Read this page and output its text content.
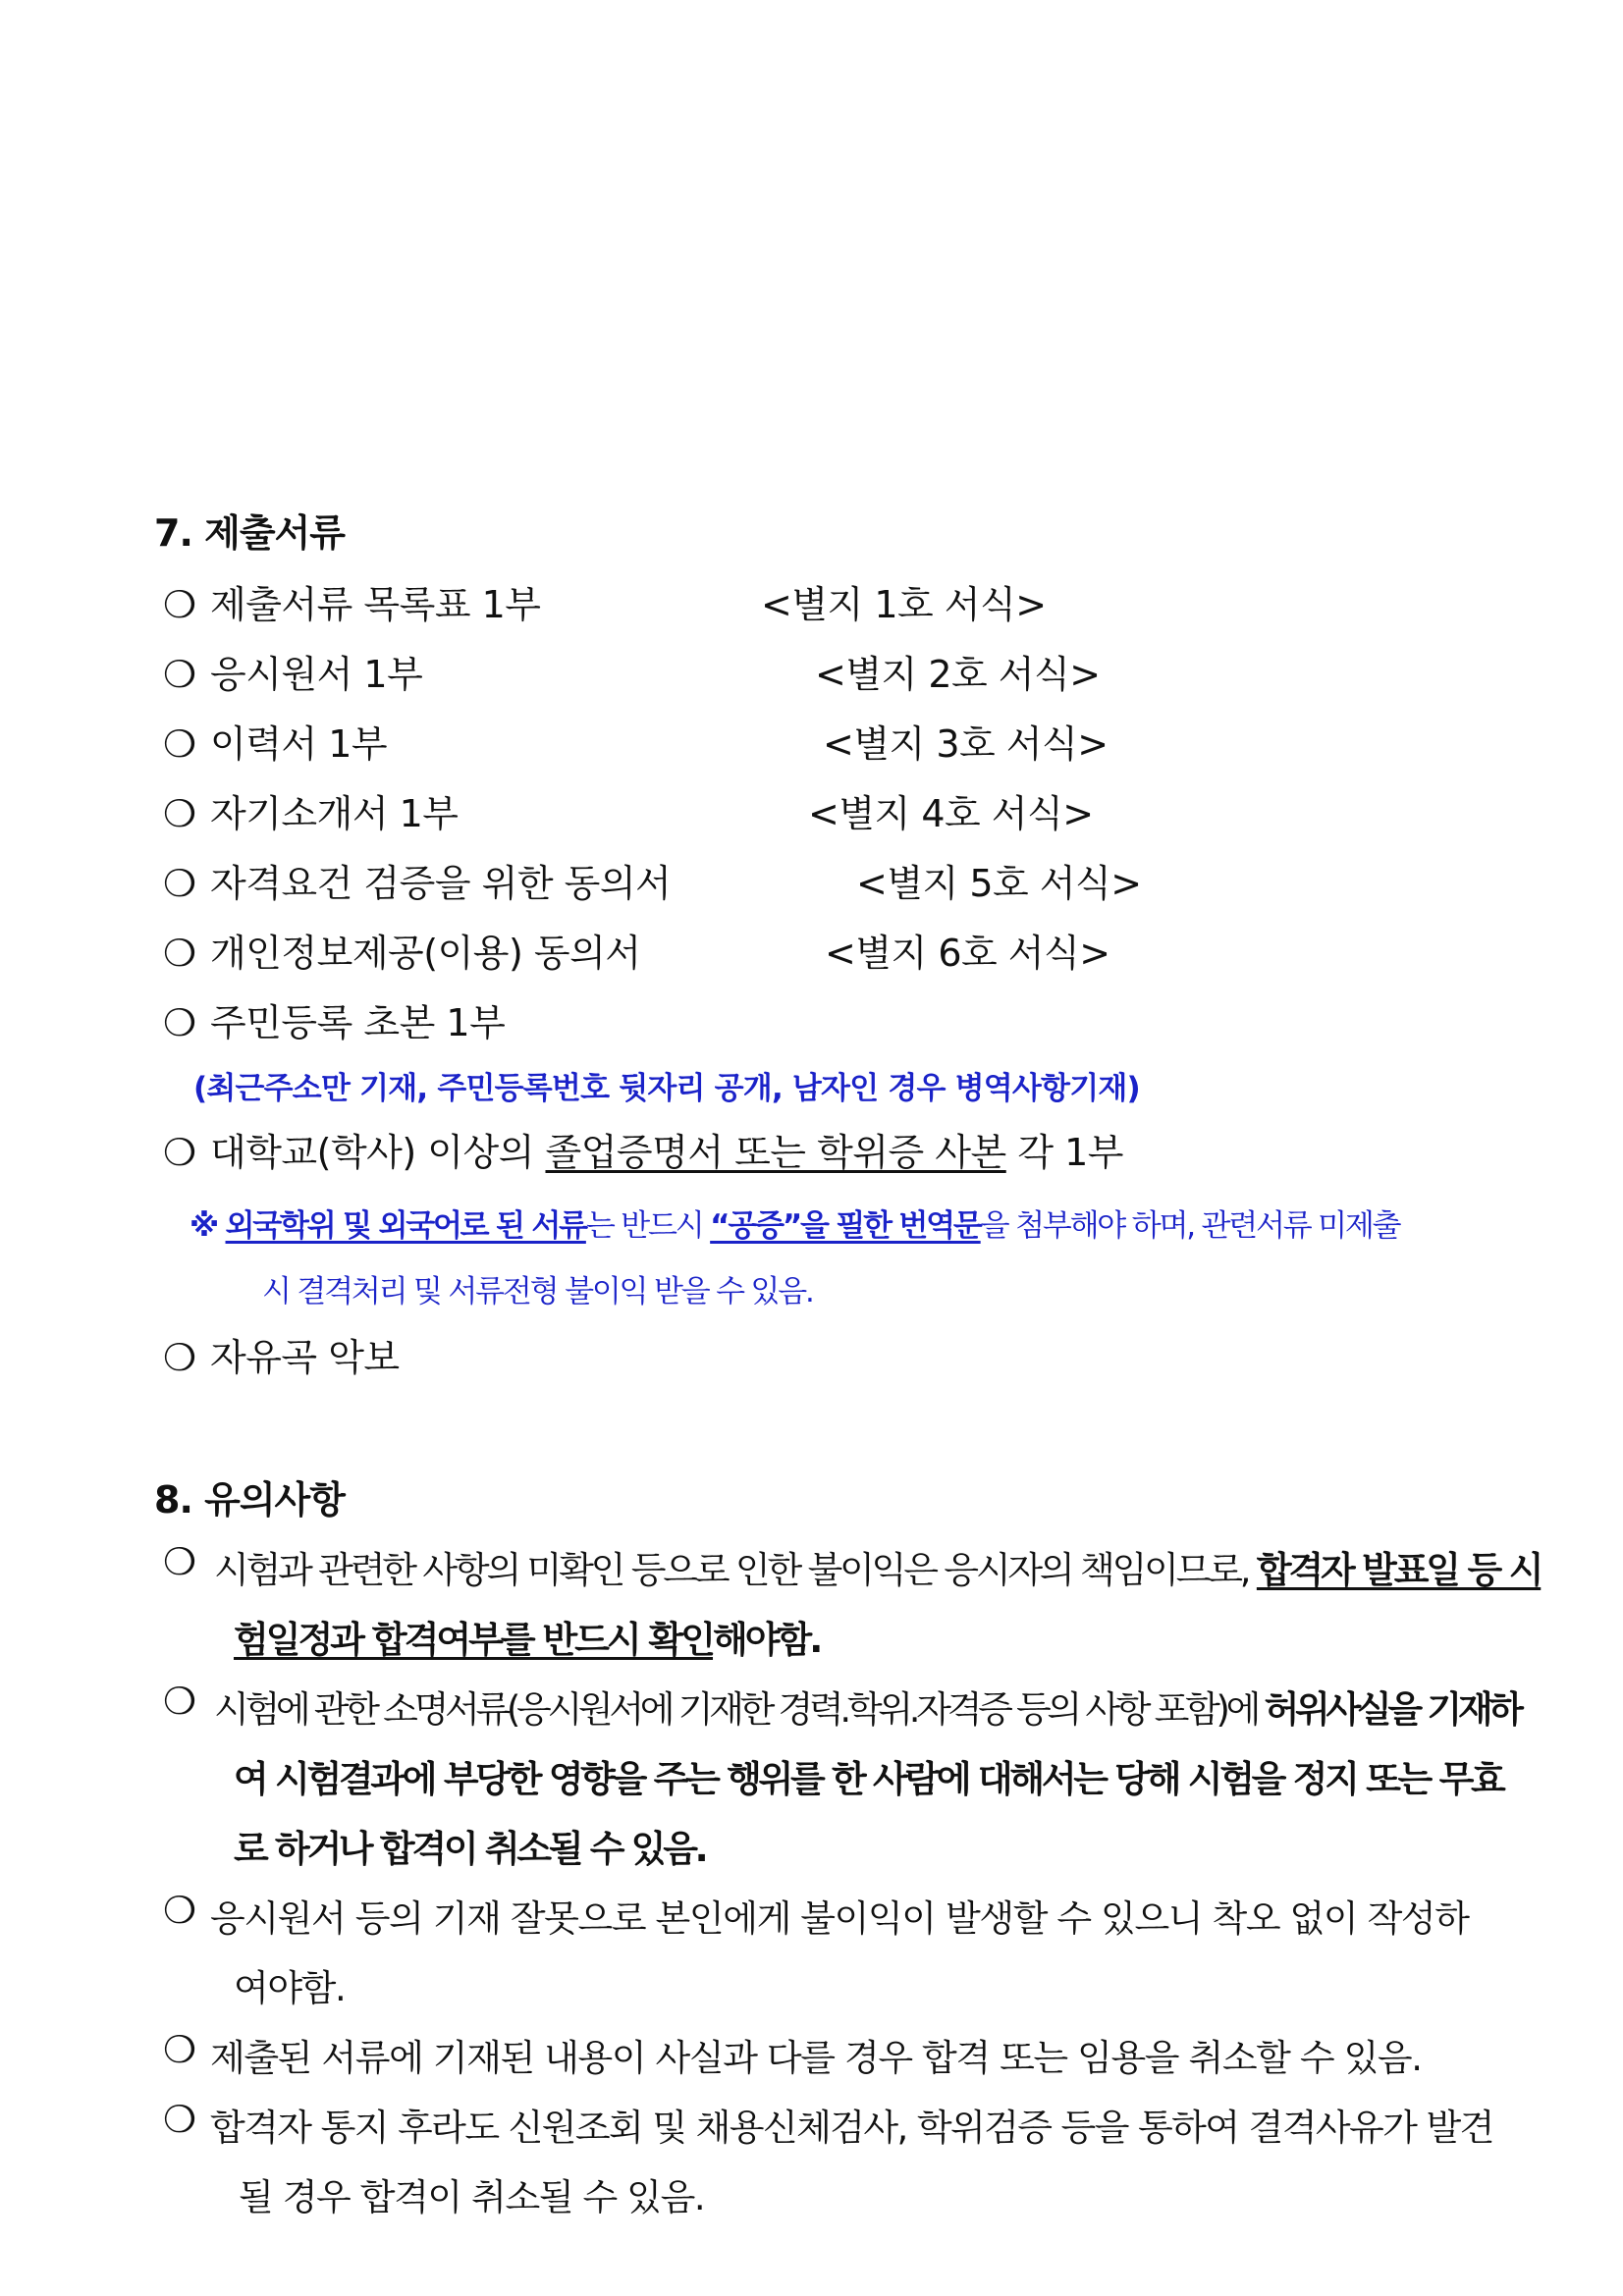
7. 제출서류
❍ 제출서류 목록표 1부	<별지 1호 서식>
❍ 응시원서 1부	<별지 2호 서식>
❍ 이력서 1부	<별지 3호 서식>
❍ 자기소개서 1부	<별지 4호 서식>
❍ 자격요건 검증을 위한 동의서	<별지 5호 서식>
❍ 개인정보제공(이용) 동의서	<별지 6호 서식>
❍ 주민등록 초본 1부
(최근주소만 기재, 주민등록번호 뒷자리 공개, 남자인 경우 병역사항기재)
❍ 대학교(학사) 이상의 졸업증명서 또는 학위증 사본 각 1부
※ 외국학위 및 외국어로 된 서류는 반드시 “공증”을 필한 번역문을 첨부해야 하며, 관련서류 미제출
시 결격처리 및 서류전형 불이익 받을 수 있음.
❍ 자유곡 악보
8. 유의사항
❍ 시험과 관련한 사항의 미확인 등으로 인한 불이익은 응시자의 책임이므로, 합격자 발표일 등 시
험일정과 합격여부를 반드시 확인해야함.
❍ 시험에 관한 소명서류(응시원서에 기재한 경력.학위.자격증 등의 사항 포함)에 허위사실을 기재하
여 시험결과에 부당한 영향을 주는 행위를 한 사람에 대해서는 당해 시험을 정지 또는 무효
로 하거나 합격이 취소될 수 있음.
❍ 응시원서 등의 기재 잘못으로 본인에게 불이익이 발생할 수 있으니 착오 없이 작성하
여야함.
❍ 제출된 서류에 기재된 내용이 사실과 다를 경우 합격 또는 임용을 취소할 수 있음.
❍ 합격자 통지 후라도 신원조회 및 채용신체검사, 학위검증 등을 통하여 결격사유가 발견
될 경우 합격이 취소될 수 있음.
